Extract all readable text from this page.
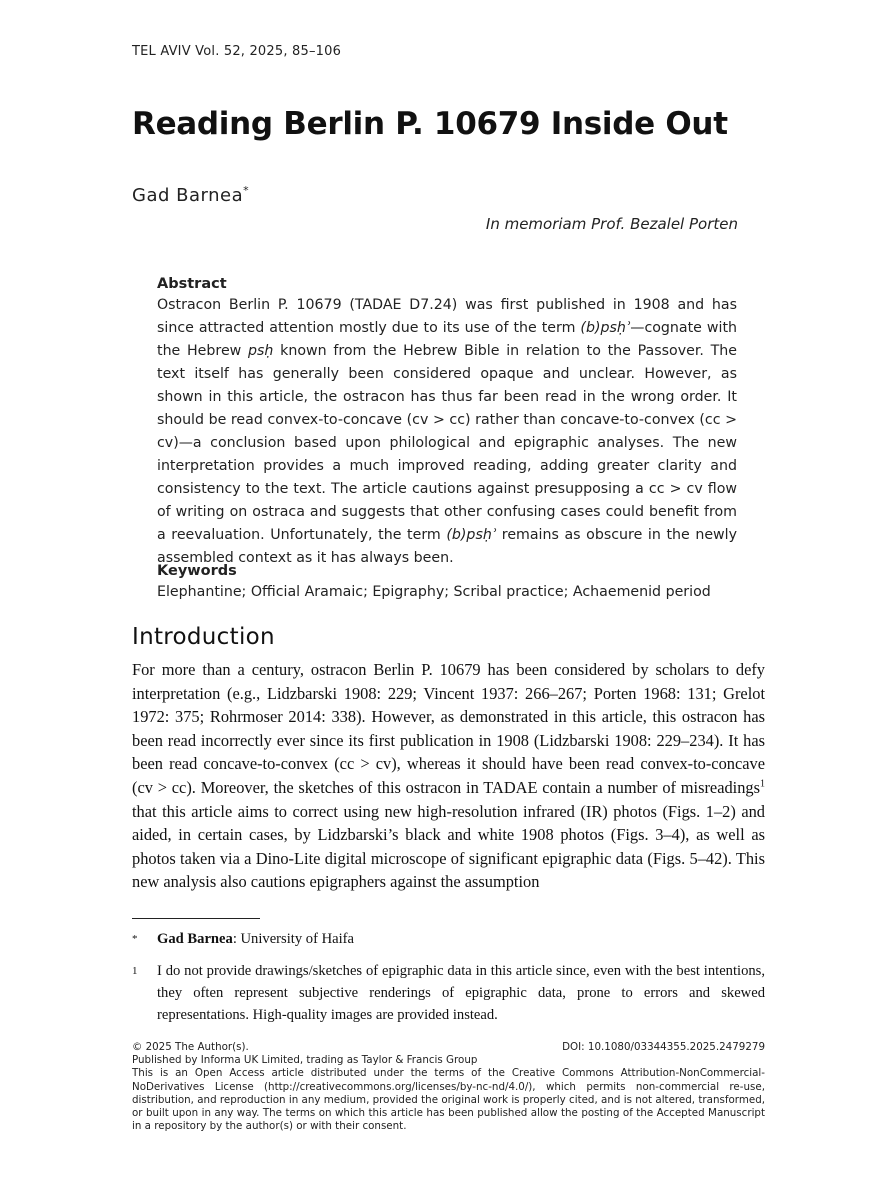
TEL AVIV Vol. 52, 2025, 85–106
Reading Berlin P. 10679 Inside Out
Gad Barnea*
In memoriam Prof. Bezalel Porten
Abstract

Ostracon Berlin P. 10679 (TADAE D7.24) was first published in 1908 and has since attracted attention mostly due to its use of the term (b)psḥʾ—cognate with the Hebrew psḥ known from the Hebrew Bible in relation to the Passover. The text itself has generally been considered opaque and unclear. However, as shown in this article, the ostracon has thus far been read in the wrong order. It should be read convex-to-concave (cv > cc) rather than concave-to-convex (cc > cv)—a conclusion based upon philological and epigraphic analyses. The new interpretation provides a much improved reading, adding greater clarity and consistency to the text. The article cautions against presupposing a cc > cv flow of writing on ostraca and suggests that other confusing cases could benefit from a reevaluation. Unfortunately, the term (b)psḥʾ remains as obscure in the newly assembled context as it has always been.

Keywords
Elephantine; Official Aramaic; Epigraphy; Scribal practice; Achaemenid period
Introduction

For more than a century, ostracon Berlin P. 10679 has been considered by scholars to defy interpretation (e.g., Lidzbarski 1908: 229; Vincent 1937: 266–267; Porten 1968: 131; Grelot 1972: 375; Rohrmoser 2014: 338). However, as demonstrated in this article, this ostracon has been read incorrectly ever since its first publication in 1908 (Lidzbarski 1908: 229–234). It has been read concave-to-convex (cc > cv), whereas it should have been read convex-to-concave (cv > cc). Moreover, the sketches of this ostracon in TADAE contain a number of misreadings$^1$ that this article aims to correct using new high-resolution infrared (IR) photos (Figs. 1–2) and aided, in certain cases, by Lidzbarski’s black and white 1908 photos (Figs. 3–4), as well as photos taken via a Dino-Lite digital microscope of significant epigraphic data (Figs. 5–42). This new analysis also cautions epigraphers against the assumption

* Gad Barnea: University of Haifa
1 I do not provide drawings/sketches of epigraphic data in this article since, even with the best intentions, they often represent subjective renderings of epigraphic data, prone to errors and skewed representations. High-quality images are provided instead.
© 2025 The Author(s).	DOI: 10.1080/03344355.2025.2479279
Published by Informa UK Limited, trading as Taylor & Francis Group
This is an Open Access article distributed under the terms of the Creative Commons Attribution-NonCommercial-NoDerivatives License (http://creativecommons.org/licenses/by-nc-nd/4.0/), which permits non-commercial re-use, distribution, and reproduction in any medium, provided the original work is properly cited, and is not altered, transformed, or built upon in any way. The terms on which this article has been published allow the posting of the Accepted Manuscript in a repository by the author(s) or with their consent.
